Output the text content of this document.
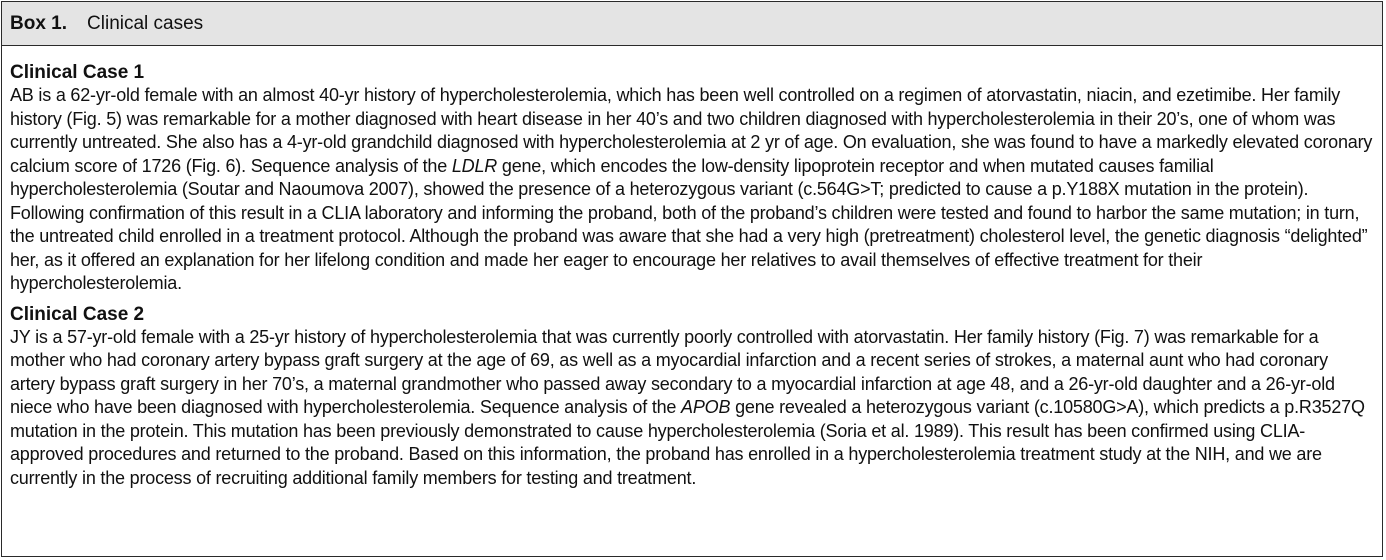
Box 1. Clinical cases
Clinical Case 1
AB is a 62-yr-old female with an almost 40-yr history of hypercholesterolemia, which has been well controlled on a regimen of atorvastatin, niacin, and ezetimibe. Her family history (Fig. 5) was remarkable for a mother diagnosed with heart disease in her 40’s and two children diagnosed with hypercholesterolemia in their 20’s, one of whom was currently untreated. She also has a 4-yr-old grandchild diagnosed with hypercholesterolemia at 2 yr of age. On evaluation, she was found to have a markedly elevated coronary calcium score of 1726 (Fig. 6). Sequence analysis of the LDLR gene, which encodes the low-density lipoprotein receptor and when mutated causes familial hypercholesterolemia (Soutar and Naoumova 2007), showed the presence of a heterozygous variant (c.564G>T; predicted to cause a p.Y188X mutation in the protein). Following confirmation of this result in a CLIA laboratory and informing the proband, both of the proband’s children were tested and found to harbor the same mutation; in turn, the untreated child enrolled in a treatment protocol. Although the proband was aware that she had a very high (pretreatment) cholesterol level, the genetic diagnosis “delighted” her, as it offered an explanation for her lifelong condition and made her eager to encourage her relatives to avail themselves of effective treatment for their hypercholesterolemia.
Clinical Case 2
JY is a 57-yr-old female with a 25-yr history of hypercholesterolemia that was currently poorly controlled with atorvastatin. Her family history (Fig. 7) was remarkable for a mother who had coronary artery bypass graft surgery at the age of 69, as well as a myocardial infarction and a recent series of strokes, a maternal aunt who had coronary artery bypass graft surgery in her 70’s, a maternal grandmother who passed away secondary to a myocardial infarction at age 48, and a 26-yr-old daughter and a 26-yr-old niece who have been diagnosed with hypercholesterolemia. Sequence analysis of the APOB gene revealed a heterozygous variant (c.10580G>A), which predicts a p.R3527Q mutation in the protein. This mutation has been previously demonstrated to cause hypercholesterolemia (Soria et al. 1989). This result has been confirmed using CLIA-approved procedures and returned to the proband. Based on this information, the proband has enrolled in a hypercholesterolemia treatment study at the NIH, and we are currently in the process of recruiting additional family members for testing and treatment.
